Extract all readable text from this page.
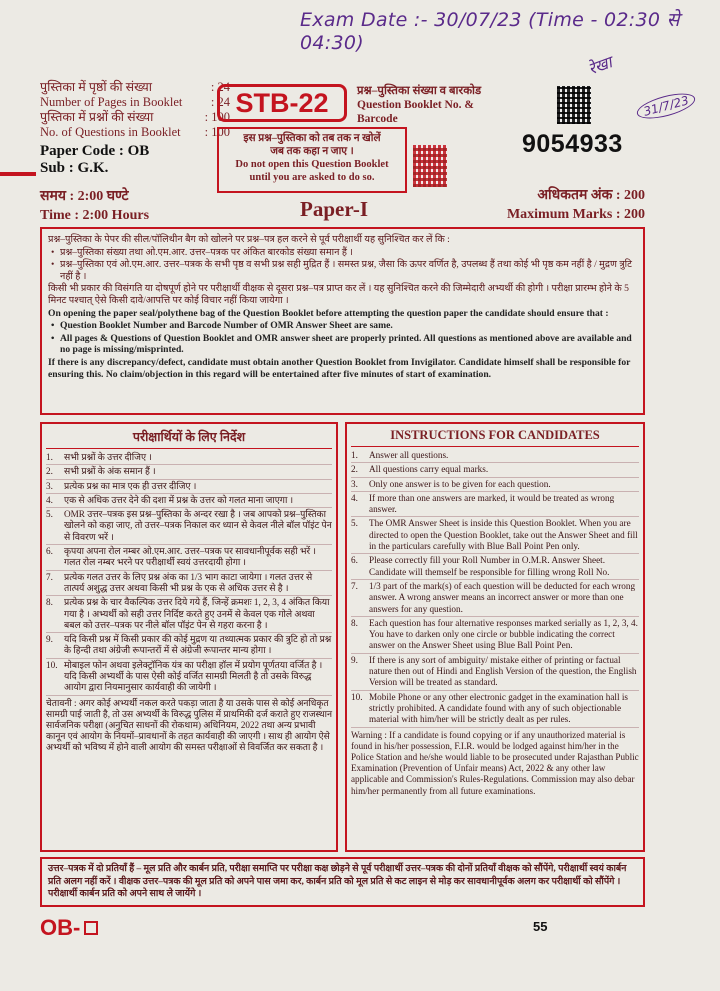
Exam Date :- 30/07/23 (Time - 02:30 से 04:30)
रेखा
31/7/23
पुस्तिका में पृष्ठों की संख्या	: 24
Number of Pages in Booklet : 24
पुस्तिका में प्रश्नों की संख्या	: 100
No. of Questions in Booklet : 100
Paper Code : OB
Sub : G.K.
STB-22	प्रश्न–पुस्तिका संख्या व बारकोड
Question Booklet No. &
Barcode
इस प्रश्न–पुस्तिका को तब तक न खोलें
जब तक कहा न जाए ।
Do not open this Question Booklet
until you are asked to do so.
9054933
समय : 2:00 घण्टे
Time : 2:00 Hours	Paper-I
अधिकतम अंक : 200
Maximum Marks : 200

प्रश्न–पुस्तिका के पेपर की सील/पॉलिथीन बैग को खोलने पर प्रश्न–पत्र हल करने से पूर्व परीक्षार्थी यह सुनिश्चित कर लें कि :

• प्रश्न–पुस्तिका संख्या तथा ओ.एम.आर. उत्तर–पत्रक पर अंकित बारकोड संख्या समान हैं ।

• प्रश्न–पुस्तिका एवं ओ.एम.आर. उत्तर–पत्रक के सभी पृष्ठ व सभी प्रश्न सही मुद्रित हैं । समस्त प्रश्न, जैसा कि ऊपर वर्णित है, उपलब्ध हैं तथा कोई भी पृष्ठ कम नहीं है / मुद्रण त्रुटि नहीं है ।

किसी भी प्रकार की विसंगति या दोषपूर्ण होने पर परीक्षार्थी वीक्षक से दूसरा प्रश्न–पत्र प्राप्त कर लें । यह सुनिश्चित करने की जिम्मेदारी अभ्यर्थी की होगी । परीक्षा प्रारम्भ होने के 5 मिनट पश्चात् ऐसे किसी दावे/आपत्ति पर कोई विचार नहीं किया जायेगा ।

On opening the paper seal/polythene bag of the Question Booklet before attempting the question paper the candidate should ensure that :

• Question Booklet Number and Barcode Number of OMR Answer Sheet are same.

• All pages & Questions of Question Booklet and OMR answer sheet are properly printed. All questions as mentioned above are available and no page is missing/misprinted.

If there is any discrepancy/defect, candidate must obtain another Question Booklet from Invigilator. Candidate himself shall be responsible for ensuring this. No claim/objection in this regard will be entertained after five minutes of start of examination.

परीक्षार्थियों के लिए निर्देश
1.	सभी प्रश्नों के उत्तर दीजिए ।
2.	सभी प्रश्नों के अंक समान हैं ।
3.	प्रत्येक प्रश्न का मात्र एक ही उत्तर दीजिए ।
4.	एक से अधिक उत्तर देने की दशा में प्रश्न के उत्तर को गलत माना जाएगा ।
5.	OMR उत्तर–पत्रक इस प्रश्न–पुस्तिका के अन्दर रखा है । जब आपको प्रश्न–पुस्तिका खोलने को कहा जाए, तो उत्तर–पत्रक निकाल कर ध्यान से केवल नीले बॉल पॉइंट पेन से विवरण भरें ।
6.	कृपया अपना रोल नम्बर ओ.एम.आर. उत्तर–पत्रक पर सावधानीपूर्वक सही भरें । गलत रोल नम्बर भरने पर परीक्षार्थी स्वयं उत्तरदायी होगा ।
7.	प्रत्येक गलत उत्तर के लिए प्रश्न अंक का 1/3 भाग काटा जायेगा । गलत उत्तर से तात्पर्य अशुद्ध उत्तर अथवा किसी भी प्रश्न के एक से अधिक उत्तर से है ।
8.	प्रत्येक प्रश्न के चार वैकल्पिक उत्तर दिये गये हैं, जिन्हें क्रमशः 1, 2, 3, 4 अंकित किया गया है । अभ्यर्थी को सही उत्तर निर्दिष्ट करते हुए उनमें से केवल एक गोले अथवा बबल को उत्तर–पत्रक पर नीले बॉल पॉइंट पेन से गहरा करना है ।
9.	यदि किसी प्रश्न में किसी प्रकार की कोई मुद्रण या तथ्यात्मक प्रकार की त्रुटि हो तो प्रश्न के हिन्दी तथा अंग्रेजी रूपान्तरों में से अंग्रेजी रूपान्तर मान्य होगा ।
10. मोबाइल फोन अथवा इलेक्ट्रॉनिक यंत्र का परीक्षा हॉल में प्रयोग पूर्णतया वर्जित है । यदि किसी अभ्यर्थी के पास ऐसी कोई वर्जित सामग्री मिलती है तो उसके विरुद्ध आयोग द्वारा नियमानुसार कार्यवाही की जायेगी ।
चेतावनी : अगर कोई अभ्यर्थी नकल करते पकड़ा जाता है या उसके पास से कोई अनधिकृत सामग्री पाई जाती है, तो उस अभ्यर्थी के विरुद्ध पुलिस में प्राथमिकी दर्ज कराते हुए राजस्थान सार्वजनिक परीक्षा (अनुचित साधनों की रोकथाम) अधिनियम, 2022 तथा अन्य प्रभावी कानून एवं आयोग के नियमों–प्रावधानों के तहत कार्यवाही की जाएगी । साथ ही आयोग ऐसे अभ्यर्थी को भविष्य में होने वाली आयोग की समस्त परीक्षाओं से विवर्जित कर सकता है ।
INSTRUCTIONS FOR CANDIDATES
1.	Answer all questions.
2.	All questions carry equal marks.
3.	Only one answer is to be given for each question.
4.	If more than one answers are marked, it would be treated as wrong answer.
5.	The OMR Answer Sheet is inside this Question Booklet. When you are directed to open the Question Booklet, take out the Answer Sheet and fill in the particulars carefully with Blue Ball Point Pen only.
6.	Please correctly fill your Roll Number in O.M.R. Answer Sheet. Candidate will themself be responsible for filling wrong Roll No.
7.	1/3 part of the mark(s) of each question will be deducted for each wrong answer. A wrong answer means an incorrect answer or more than one answers for any question.
8.	Each question has four alternative responses marked serially as 1, 2, 3, 4. You have to darken only one circle or bubble indicating the correct answer on the Answer Sheet using Blue Ball Point Pen.
9.	If there is any sort of ambiguity/ mistake either of printing or factual nature then out of Hindi and English Version of the question, the English Version will be treated as standard.
10. Mobile Phone or any other electronic gadget in the examination hall is strictly prohibited. A candidate found with any of such objectionable material with him/her will be strictly dealt as per rules.
Warning : If a candidate is found copying or if any unauthorized material is found in his/her possession, F.I.R. would be lodged against him/her in the Police Station and he/she would liable to be prosecuted under Rajasthan Public Examination (Prevention of Unfair means) Act, 2022 & any other law applicable and Commission's Rules-Regulations. Commission may also debar him/her permanently from all future examinations.
उत्तर–पत्रक में दो प्रतियाँ हैं – मूल प्रति और कार्बन प्रति, परीक्षा समाप्ति पर परीक्षा कक्ष छोड़ने से पूर्व परीक्षार्थी उत्तर–पत्रक की दोनों प्रतियाँ वीक्षक को सौंपेंगे, परीक्षार्थी स्वयं कार्बन प्रति अलग नहीं करें । वीक्षक उत्तर–पत्रक की मूल प्रति को अपने पास जमा कर, कार्बन प्रति को मूल प्रति से कट लाइन से मोड़ कर सावधानीपूर्वक अलग कर परीक्षार्थी को सौंपेंगे । परीक्षार्थी कार्बन प्रति को अपने साथ ले जायेंगे ।
OB-	55
